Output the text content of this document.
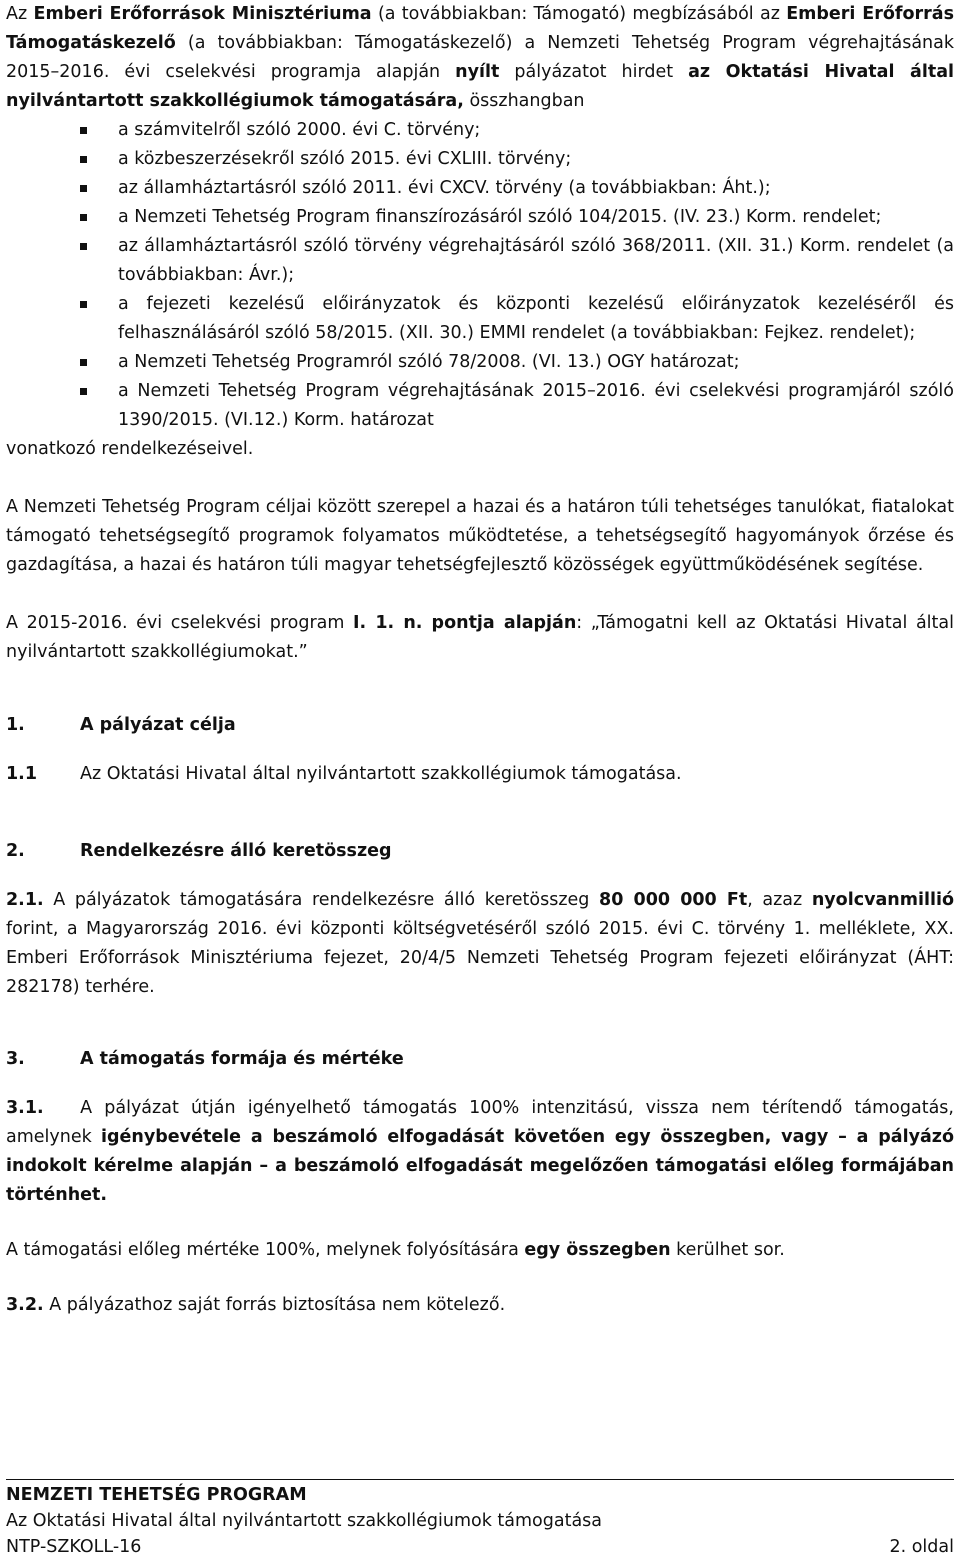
Az Emberi Erőforrások Minisztériuma (a továbbiakban: Támogató) megbízásából az Emberi Erőforrás Támogatáskezelő (a továbbiakban: Támogatáskezelő) a Nemzeti Tehetség Program végrehajtásának 2015–2016. évi cselekvési programja alapján nyílt pályázatot hirdet az Oktatási Hivatal által nyilvántartott szakkollégiumok támogatására, összhangban

a számvitelről szóló 2000. évi C. törvény;
a közbeszerzésekről szóló 2015. évi CXLIII. törvény;
az államháztartásról szóló 2011. évi CXCV. törvény (a továbbiakban: Áht.);
a Nemzeti Tehetség Program finanszírozásáról szóló 104/2015. (IV. 23.) Korm. rendelet;
az államháztartásról szóló törvény végrehajtásáról szóló 368/2011. (XII. 31.) Korm. rendelet (a továbbiakban: Ávr.);
a fejezeti kezelésű előirányzatok és központi kezelésű előirányzatok kezeléséről és felhasználásáról szóló 58/2015. (XII. 30.) EMMI rendelet (a továbbiakban: Fejkez. rendelet);
a Nemzeti Tehetség Programról szóló 78/2008. (VI. 13.) OGY határozat;
a Nemzeti Tehetség Program végrehajtásának 2015–2016. évi cselekvési programjáról szóló 1390/2015. (VI.12.) Korm. határozat

vonatkozó rendelkezéseivel.

A Nemzeti Tehetség Program céljai között szerepel a hazai és a határon túli tehetséges tanulókat, fiatalokat támogató tehetségsegítő programok folyamatos működtetése, a tehetségsegítő hagyományok őrzése és gazdagítása, a hazai és határon túli magyar tehetségfejlesztő közösségek együttműködésének segítése.

A 2015-2016. évi cselekvési program I. 1. n. pontja alapján: „Támogatni kell az Oktatási Hivatal által nyilvántartott szakkollégiumokat.”

1.	A pályázat célja
1.1	Az Oktatási Hivatal által nyilvántartott szakkollégiumok támogatása.
2.	Rendelkezésre álló keretösszeg

2.1. A pályázatok támogatására rendelkezésre álló keretösszeg 80 000 000 Ft, azaz nyolcvanmillió forint, a Magyarország 2016. évi központi költségvetéséről szóló 2015. évi C. törvény 1. melléklete, XX. Emberi Erőforrások Minisztériuma fejezet, 20/4/5 Nemzeti Tehetség Program fejezeti előirányzat (ÁHT: 282178) terhére.

3.	A támogatás formája és mértéke

3.1.   A pályázat útján igényelhető támogatás 100% intenzitású, vissza nem térítendő támogatás, amelynek igénybevétele a beszámoló elfogadását követően egy összegben, vagy – a pályázó indokolt kérelme alapján – a beszámoló elfogadását megelőzően támogatási előleg formájában történhet.

A támogatási előleg mértéke 100%, melynek folyósítására egy összegben kerülhet sor.

3.2. A pályázathoz saját forrás biztosítása nem kötelező.

NEMZETI TEHETSÉG PROGRAM
Az Oktatási Hivatal által nyilvántartott szakkollégiumok támogatása
NTP-SZKOLL-16	2. oldal
